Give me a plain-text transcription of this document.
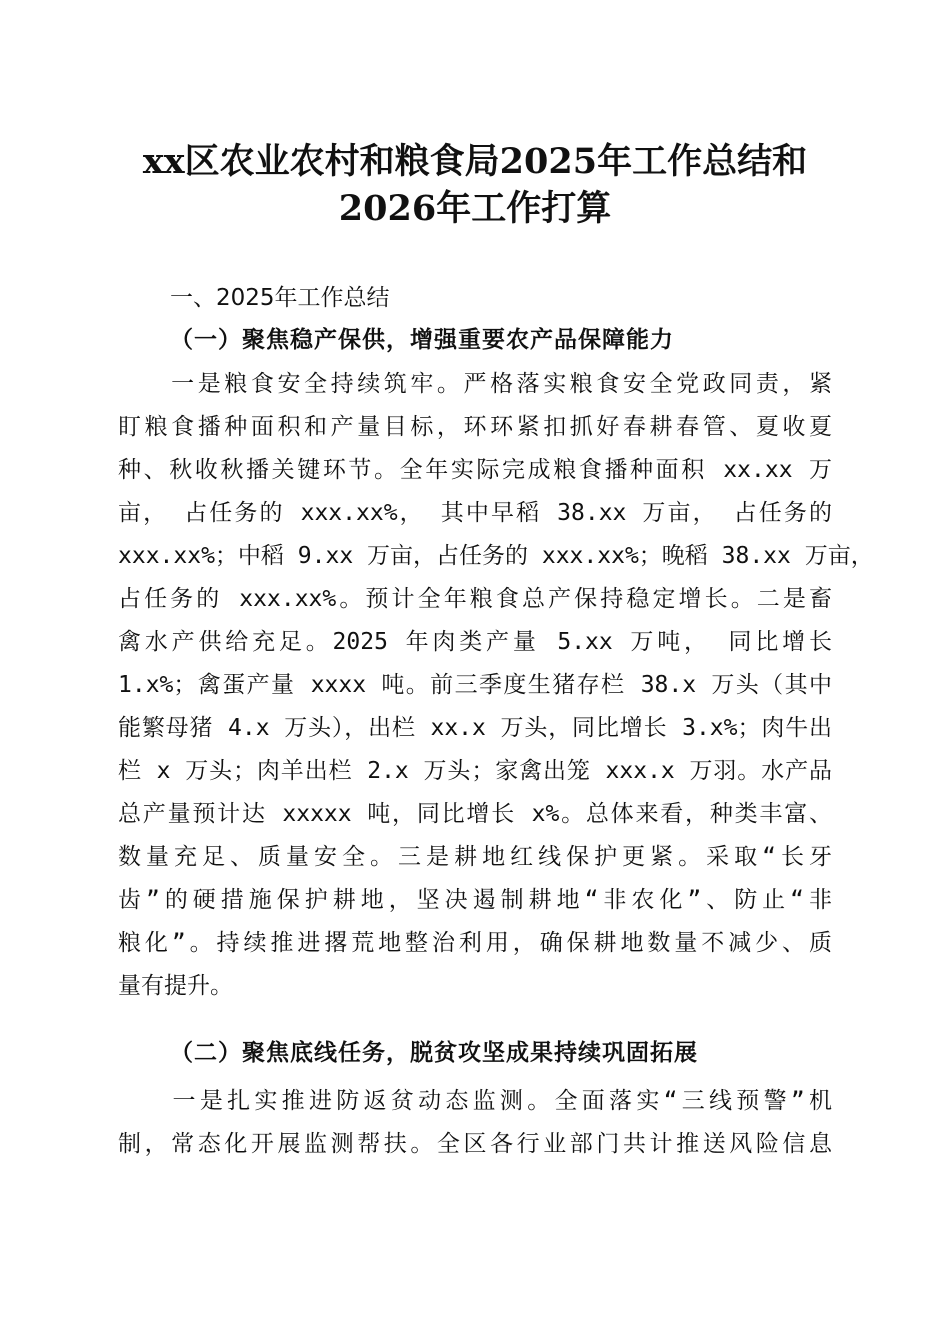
xx区农业农村和粮食局2025年工作总结和
2026年工作打算
一、2025年工作总结
（一）聚焦稳产保供，增强重要农产品保障能力
　　一是粮食安全持续筑牢。严格落实粮食安全党政同责，紧
盯粮食播种面积和产量目标，环环紧扣抓好春耕春管、夏收夏
种、秋收秋播关键环节。全年实际完成粮食播种面积 xx.xx 万
亩， 占任务的 xxx.xx%， 其中早稻 38.xx 万亩， 占任务的
xxx.xx%；中稻 9.xx 万亩，占任务的 xxx.xx%；晚稻 38.xx 万亩，
占任务的 xxx.xx%。预计全年粮食总产保持稳定增长。二是畜
禽水产供给充足。2025 年肉类产量 5.xx 万吨， 同比增长
1.x%；禽蛋产量 xxxx 吨。前三季度生猪存栏 38.x 万头（其中
能繁母猪 4.x 万头），出栏 xx.x 万头，同比增长 3.x%；肉牛出
栏 x 万头；肉羊出栏 2.x 万头；家禽出笼 xxx.x 万羽。水产品
总产量预计达 xxxxx 吨，同比增长 x%。总体来看，种类丰富、
数量充足、质量安全。三是耕地红线保护更紧。采取“长牙
齿”的硬措施保护耕地，坚决遏制耕地“非农化”、防止“非
粮化”。持续推进撂荒地整治利用，确保耕地数量不减少、质
量有提升。
（二）聚焦底线任务，脱贫攻坚成果持续巩固拓展
　　一是扎实推进防返贫动态监测。全面落实“三线预警”机
制，常态化开展监测帮扶。全区各行业部门共计推送风险信息
